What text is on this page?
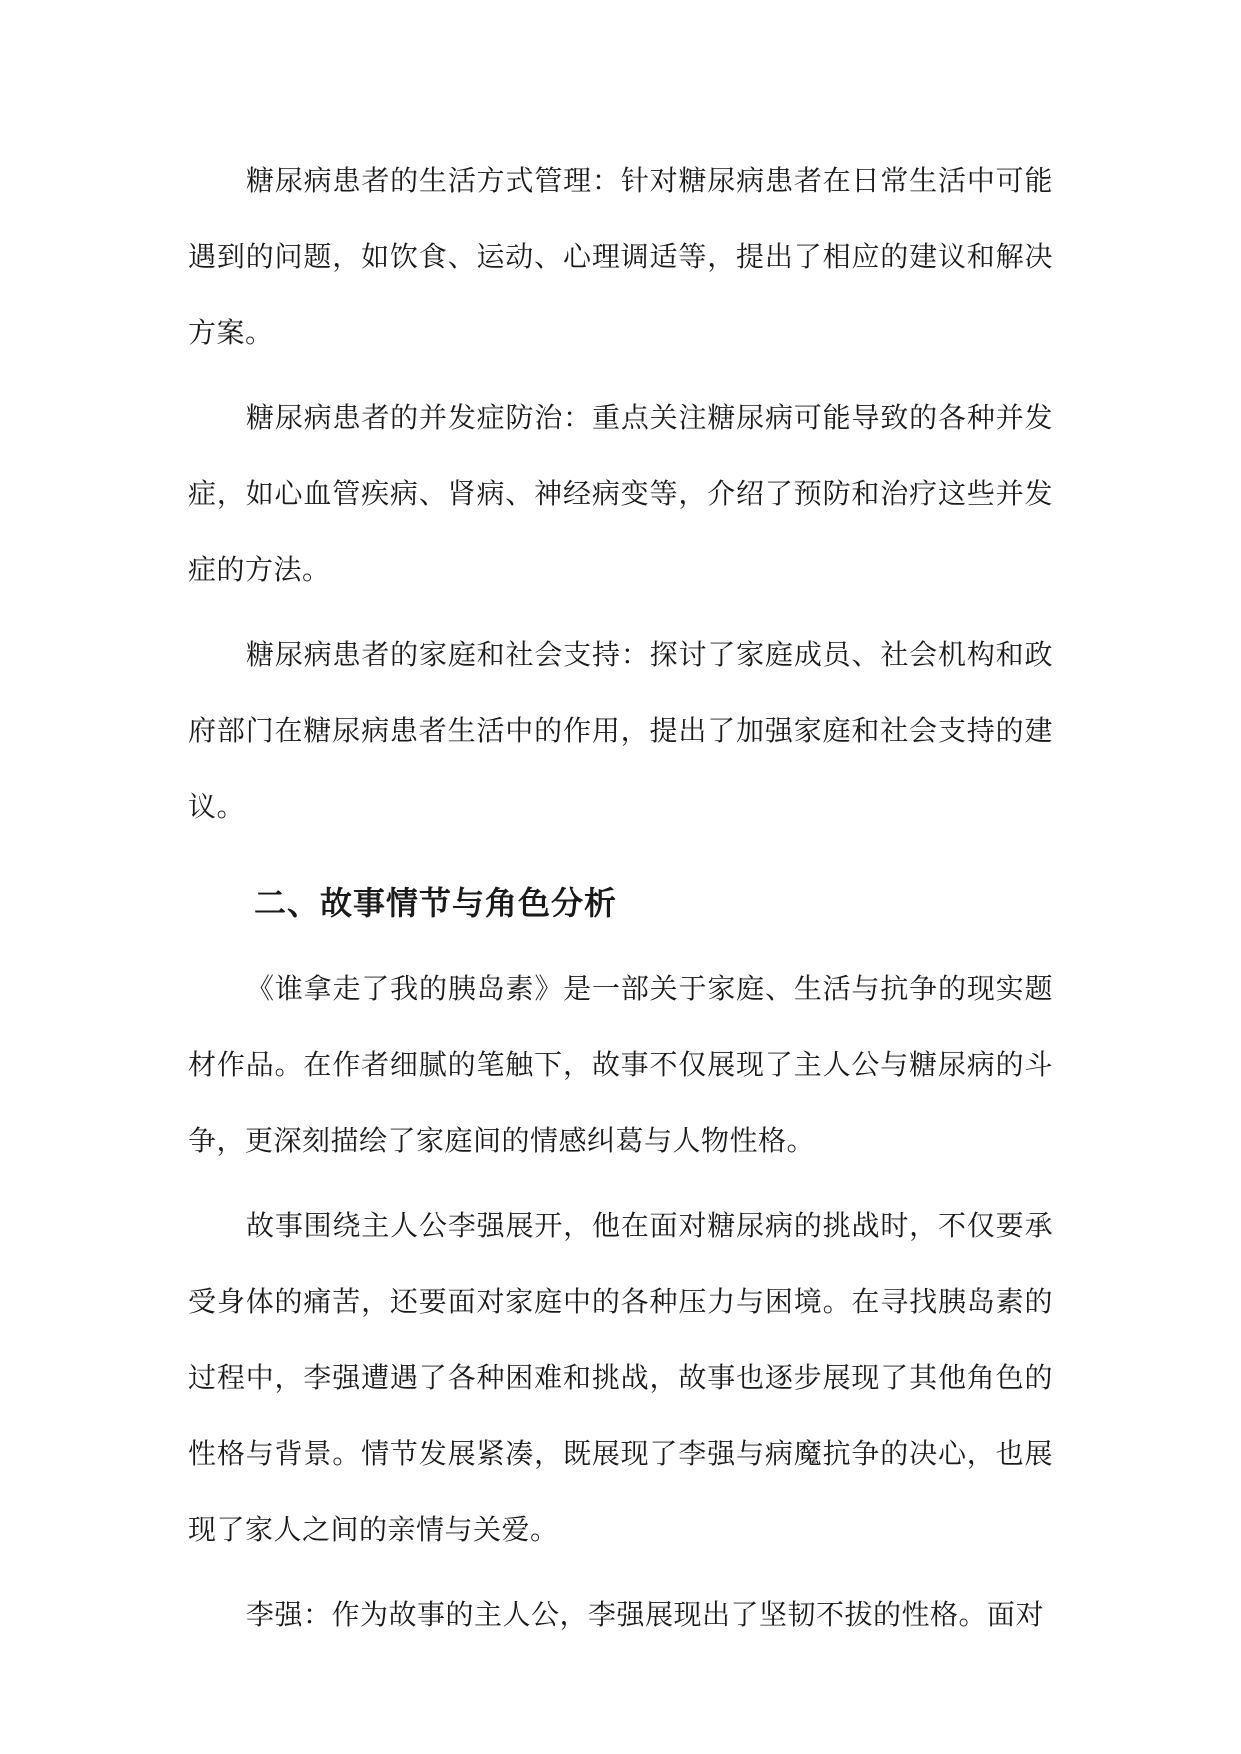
糖尿病患者的生活方式管理：针对糖尿病患者在日常生活中可能遇到的问题，如饮食、运动、心理调适等，提出了相应的建议和解决方案。

糖尿病患者的并发症防治：重点关注糖尿病可能导致的各种并发症，如心血管疾病、肾病、神经病变等，介绍了预防和治疗这些并发症的方法。

糖尿病患者的家庭和社会支持：探讨了家庭成员、社会机构和政府部门在糖尿病患者生活中的作用，提出了加强家庭和社会支持的建议。

二、故事情节与角色分析

《谁拿走了我的胰岛素》是一部关于家庭、生活与抗争的现实题材作品。在作者细腻的笔触下，故事不仅展现了主人公与糖尿病的斗争，更深刻描绘了家庭间的情感纠葛与人物性格。

故事围绕主人公李强展开，他在面对糖尿病的挑战时，不仅要承受身体的痛苦，还要面对家庭中的各种压力与困境。在寻找胰岛素的过程中，李强遭遇了各种困难和挑战，故事也逐步展现了其他角色的性格与背景。情节发展紧凑，既展现了李强与病魔抗争的决心，也展现了家人之间的亲情与关爱。

李强：作为故事的主人公，李强展现出了坚韧不拔的性格。面对
